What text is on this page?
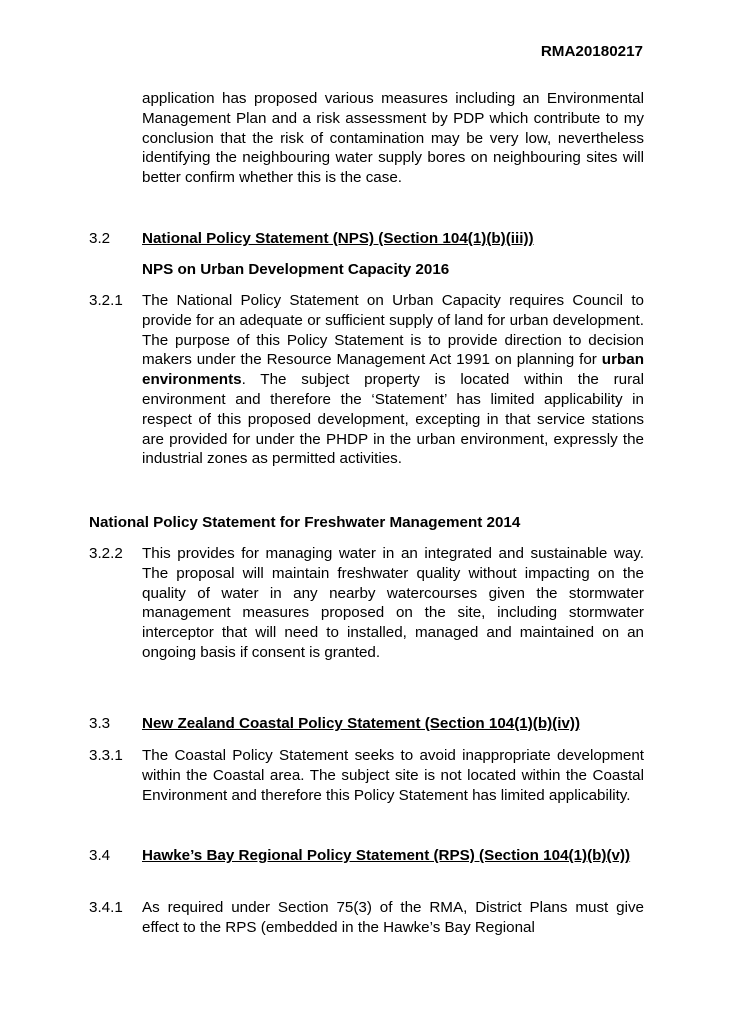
RMA20180217
application has proposed various measures including an Environmental Management Plan and a risk assessment by PDP which contribute to my conclusion that the risk of contamination may be very low, nevertheless identifying the neighbouring water supply bores on neighbouring sites will better confirm whether this is the case.
3.2 National Policy Statement (NPS) (Section 104(1)(b)(iii))
NPS on Urban Development Capacity 2016
3.2.1 The National Policy Statement on Urban Capacity requires Council to provide for an adequate or sufficient supply of land for urban development. The purpose of this Policy Statement is to provide direction to decision makers under the Resource Management Act 1991 on planning for urban environments. The subject property is located within the rural environment and therefore the ‘Statement’ has limited applicability in respect of this proposed development, excepting in that service stations are provided for under the PHDP in the urban environment, expressly the industrial zones as permitted activities.
National Policy Statement for Freshwater Management 2014
3.2.2 This provides for managing water in an integrated and sustainable way. The proposal will maintain freshwater quality without impacting on the quality of water in any nearby watercourses given the stormwater management measures proposed on the site, including stormwater interceptor that will need to installed, managed and maintained on an ongoing basis if consent is granted.
3.3 New Zealand Coastal Policy Statement (Section 104(1)(b)(iv))
3.3.1 The Coastal Policy Statement seeks to avoid inappropriate development within the Coastal area. The subject site is not located within the Coastal Environment and therefore this Policy Statement has limited applicability.
3.4 Hawke’s Bay Regional Policy Statement (RPS) (Section 104(1)(b)(v))
3.4.1 As required under Section 75(3) of the RMA, District Plans must give effect to the RPS (embedded in the Hawke’s Bay Regional
